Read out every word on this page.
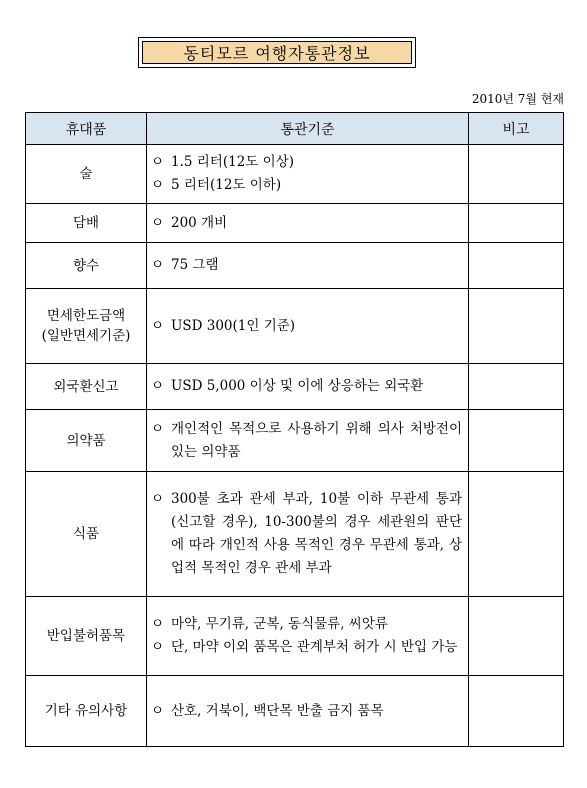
동티모르 여행자통관정보
2010년 7월 현재
휴대품	통관기준	비고
술	ㅇ 1.5 리터(12도 이상)
ㅇ 5 리터(12도 이하)	

담배	ㅇ 200 개비	

향수	ㅇ 75 그램	

면세한도금액
(일반면세기준)	ㅇ USD 300(1인 기준)	

외국환신고	ㅇ USD 5,000 이상 및 이에 상응하는 외국환	

의약품	ㅇ 개인적인 목적으로 사용하기 위해 의사 처방전이 있는 의약품	

식품	ㅇ 300불 초과 관세 부과, 10불 이하 무관세 통과(신고할 경우), 10-300불의 경우 세관원의 판단에 따라 개인적 사용 목적인 경우 무관세 통과, 상업적 목적인 경우 관세 부과	

반입불허품목	ㅇ 마약, 무기류, 군복, 동식물류, 씨앗류
ㅇ 단, 마약 이외 품목은 관계부처 허가 시 반입 가능	

기타 유의사항	ㅇ 산호, 거북이, 백단목 반출 금지 품목	
